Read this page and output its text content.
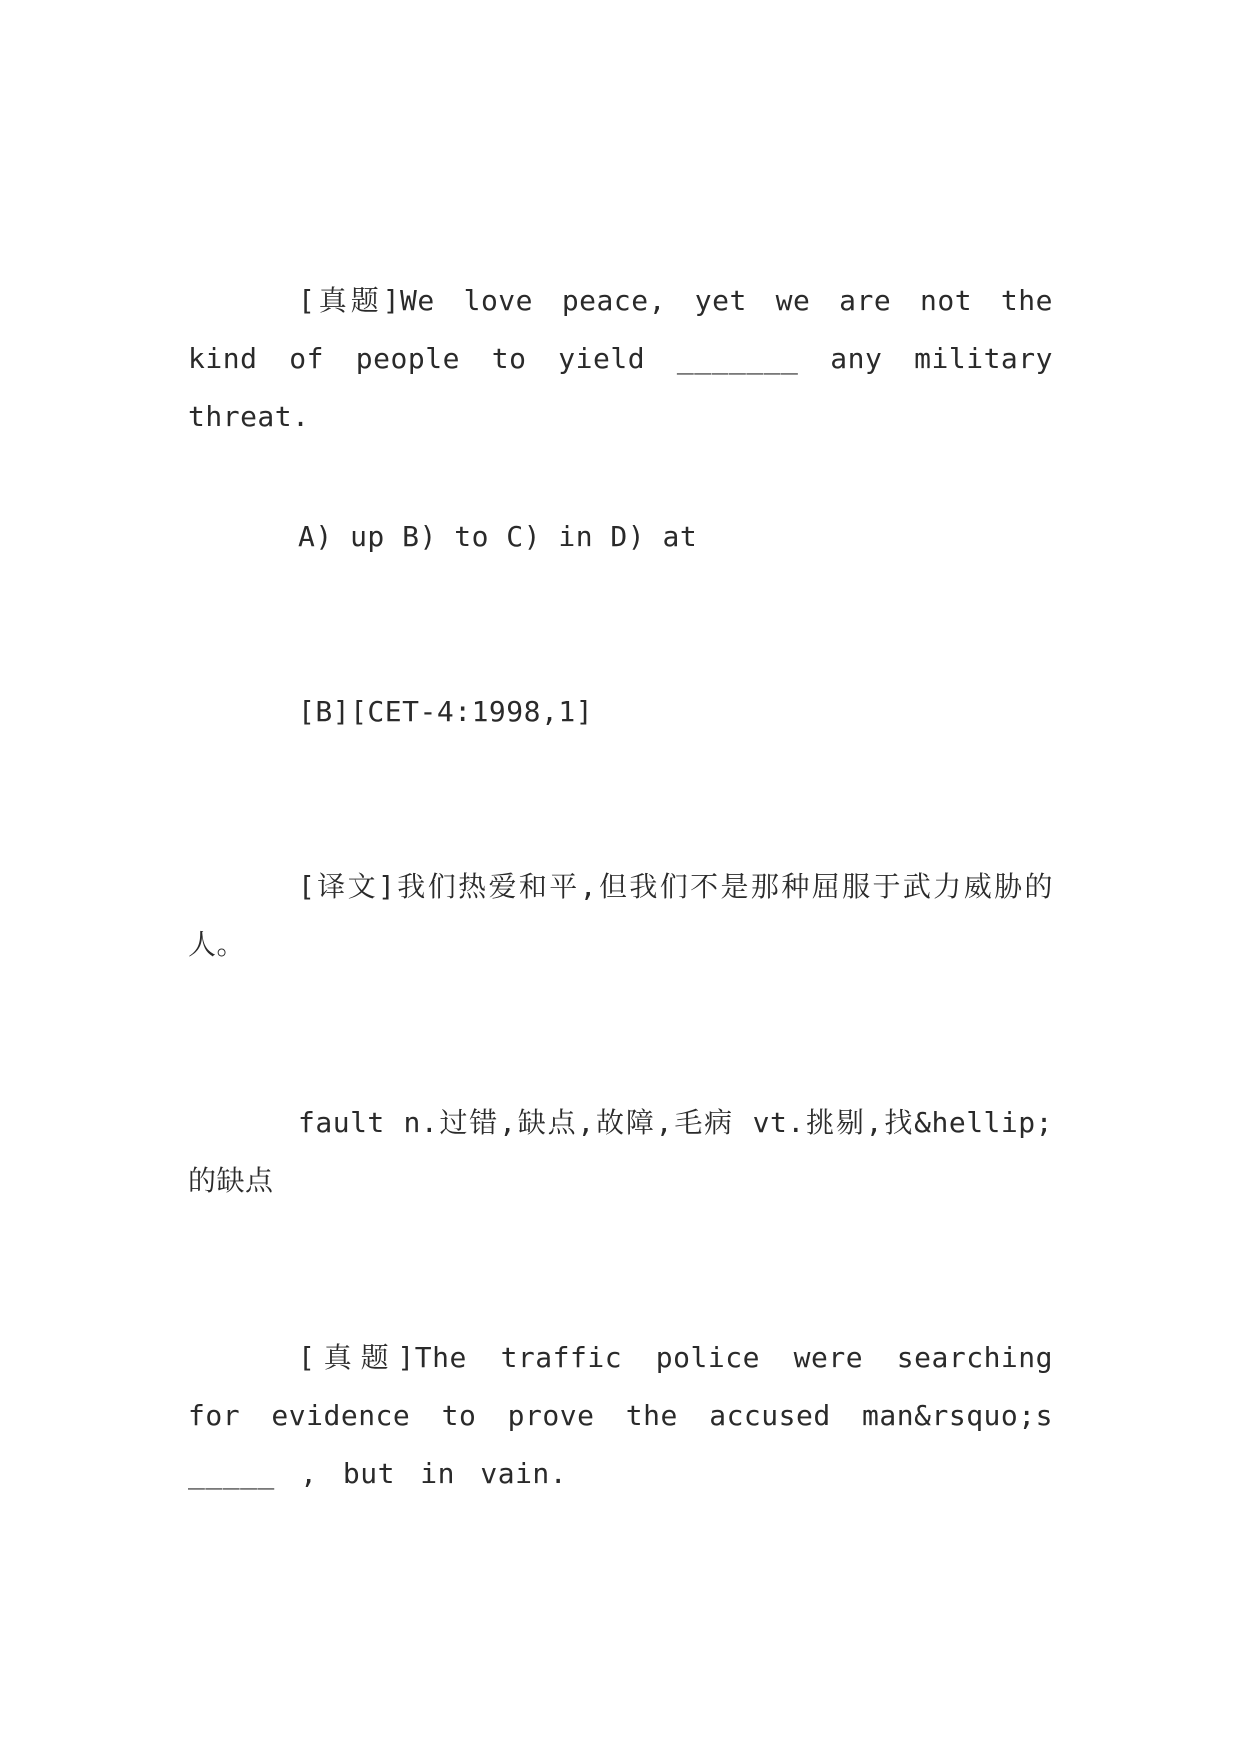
[真题]We love peace, yet we are not the kind of people to yield _______ any military threat.

A) up B) to C) in D) at

[B][CET-4:1998,1]

[译文]我们热爱和平,但我们不是那种屈服于武力威胁的人。

fault n.过错,缺点,故障,毛病 vt.挑剔,找&hellip;的缺点

[真题]The traffic police were searching for evidence to prove the accused man&rsquo;s _____ , but in vain.
